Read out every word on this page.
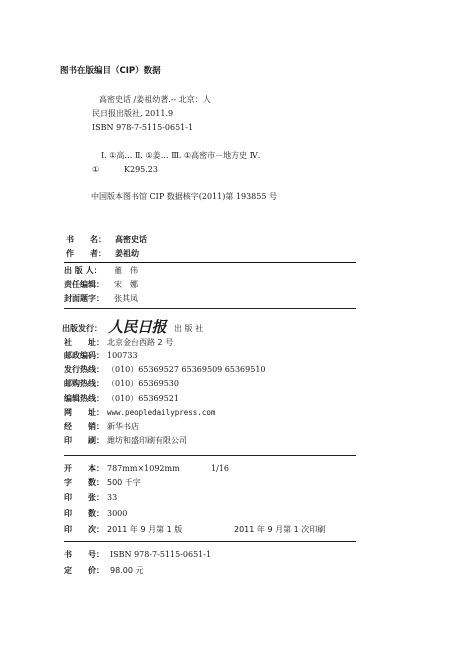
图书在版编目（CIP）数据
高密史话 /姜祖幼著.-- 北京：人
民日报出版社, 2011.9
ISBN 978-7-5115-0651-1
Ⅰ. ①高… Ⅱ. ①姜… Ⅲ. ①高密市－地方史 Ⅳ.
①	K295.23
中国版本图书馆 CIP 数据核字(2011)第 193855 号
书　　名： 高密史话
作　　者： 姜祖幼
出 版 人： 董　伟
责任编辑： 宋　娜
封面题字： 张其凤
出版发行： 人民日报 出 版 社
社　　址： 北京金台西路 2 号
邮政编码： 100733
发行热线： （010）65369527 65369509 65369510
邮购热线： （010）65369530
编辑热线： （010）65369521
网　　址： www.peopledailypress.com
经　　销： 新华书店
印　　刷： 潍坊和盛印刷有限公司
开　　本： 787mm×1092mm	1/16
字　　数： 500 千字
印　　张： 33
印　　数： 3000
印　　次： 2011 年 9 月第 1 版	2011 年 9 月第 1 次印刷
书　　号： ISBN 978-7-5115-0651-1
定　　价： 98.00 元
